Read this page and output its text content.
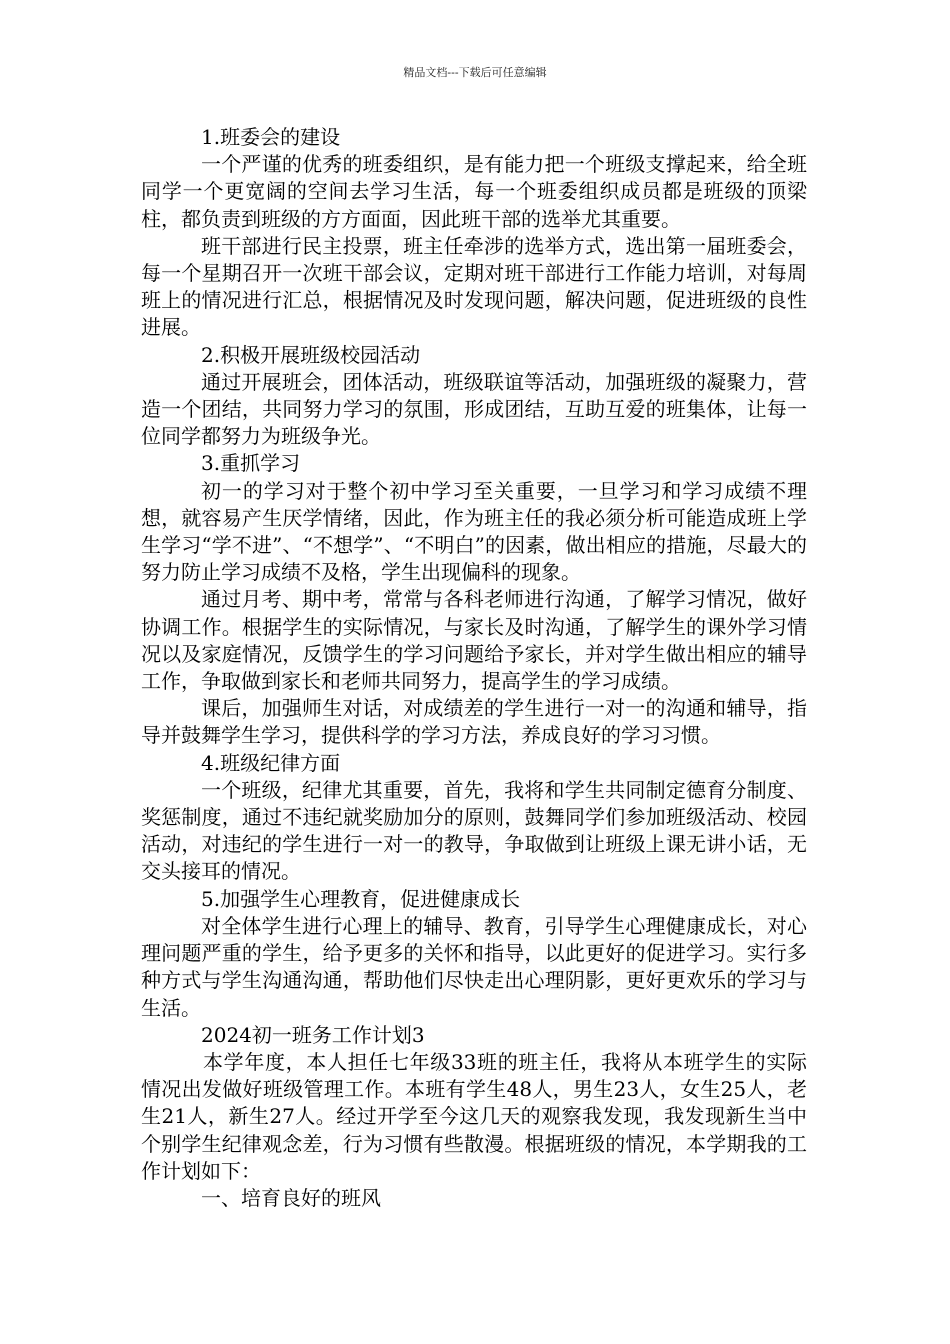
精品文档---下载后可任意编辑

1.班委会的建设

一个严谨的优秀的班委组织，是有能力把一个班级支撑起来，给全班同学一个更宽阔的空间去学习生活，每一个班委组织成员都是班级的顶梁柱，都负责到班级的方方面面，因此班干部的选举尤其重要。

班干部进行民主投票，班主任牵涉的选举方式，选出第一届班委会，每一个星期召开一次班干部会议，定期对班干部进行工作能力培训，对每周班上的情况进行汇总，根据情况及时发现问题，解决问题，促进班级的良性进展。

2.积极开展班级校园活动

通过开展班会，团体活动，班级联谊等活动，加强班级的凝聚力，营造一个团结，共同努力学习的氛围，形成团结，互助互爱的班集体，让每一位同学都努力为班级争光。

3.重抓学习

初一的学习对于整个初中学习至关重要，一旦学习和学习成绩不理想，就容易产生厌学情绪，因此，作为班主任的我必须分析可能造成班上学生学习“学不进”、“不想学”、“不明白”的因素，做出相应的措施，尽最大的努力防止学习成绩不及格，学生出现偏科的现象。

通过月考、期中考，常常与各科老师进行沟通，了解学习情况，做好协调工作。根据学生的实际情况，与家长及时沟通，了解学生的课外学习情况以及家庭情况，反馈学生的学习问题给予家长，并对学生做出相应的辅导工作，争取做到家长和老师共同努力，提高学生的学习成绩。

课后，加强师生对话，对成绩差的学生进行一对一的沟通和辅导，指导并鼓舞学生学习，提供科学的学习方法，养成良好的学习习惯。

4.班级纪律方面

一个班级，纪律尤其重要，首先，我将和学生共同制定德育分制度、奖惩制度，通过不违纪就奖励加分的原则，鼓舞同学们参加班级活动、校园活动，对违纪的学生进行一对一的教导，争取做到让班级上课无讲小话，无交头接耳的情况。

5.加强学生心理教育，促进健康成长

对全体学生进行心理上的辅导、教育，引导学生心理健康成长，对心理问题严重的学生，给予更多的关怀和指导，以此更好的促进学习。实行多种方式与学生沟通沟通，帮助他们尽快走出心理阴影，更好更欢乐的学习与生活。

2024初一班务工作计划3

本学年度，本人担任七年级33班的班主任，我将从本班学生的实际情况出发做好班级管理工作。本班有学生48人，男生23人，女生25人，老生21人，新生27人。经过开学至今这几天的观察我发现，我发现新生当中个别学生纪律观念差，行为习惯有些散漫。根据班级的情况，本学期我的工作计划如下：

一、培育良好的班风
